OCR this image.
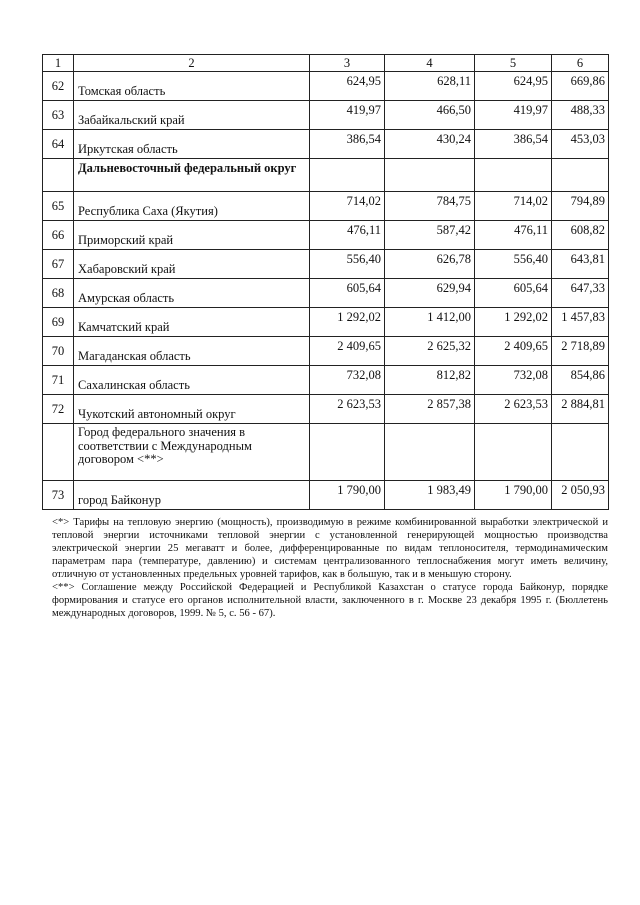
1	2	3	4	5	6
62	Томская область	624,95	628,11	624,95	669,86
63	Забайкальский край	419,97	466,50	419,97	488,33
64	Иркутская область	386,54	430,24	386,54	453,03
	Дальневосточный федеральный округ				
65	Республика Саха (Якутия)	714,02	784,75	714,02	794,89
66	Приморский край	476,11	587,42	476,11	608,82
67	Хабаровский край	556,40	626,78	556,40	643,81
68	Амурская область	605,64	629,94	605,64	647,33
69	Камчатский край	1 292,02	1 412,00	1 292,02	1 457,83
70	Магаданская область	2 409,65	2 625,32	2 409,65	2 718,89
71	Сахалинская область	732,08	812,82	732,08	854,86
72	Чукотский автономный округ	2 623,53	2 857,38	2 623,53	2 884,81
	Город федерального значения в соответствии с Международным договором <**>				
73	город Байконур	1 790,00	1 983,49	1 790,00	2 050,93

<*> Тарифы на тепловую энергию (мощность), производимую в режиме комбинированной выработки электрической и тепловой энергии источниками тепловой энергии с установленной генерирующей мощностью производства электрической энергии 25 мегаватт и более, дифференцированные по видам теплоносителя, термодинамическим параметрам пара (температуре, давлению) и системам централизованного теплоснабжения могут иметь величину, отличную от установленных предельных уровней тарифов, как в большую, так и в меньшую сторону.

<**> Соглашение между Российской Федерацией и Республикой Казахстан о статусе города Байконур, порядке формирования и статусе его органов исполнительной власти, заключенного в г. Москве 23 декабря 1995 г. (Бюллетень международных договоров, 1999. № 5, с. 56 - 67).
